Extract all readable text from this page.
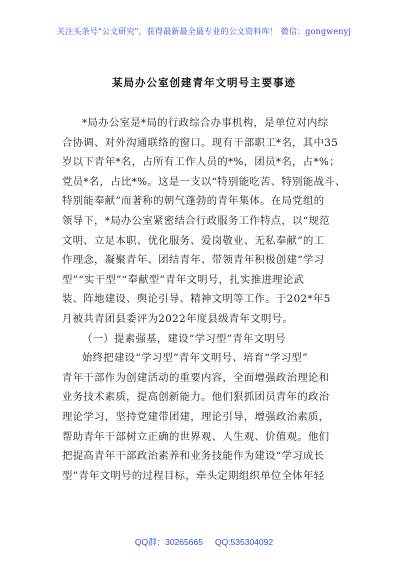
关注头条号"公文研究"，获得最新最全最专业的公文资料库！ 微信：gongwenyj
某局办公室创建青年文明号主要事迹

*局办公室是*局的行政综合办事机构，是单位对内综
合协调、对外沟通联络的窗口。现有干部职工*名，其中35
岁以下青年*名，占所有工作人员的*%，团员*名，占*%；
党员*名，占比*%。这是一支以“特别能吃苦、特别能战斗、
特别能奉献”而著称的朝气蓬勃的青年集体。在局党组的
领导下，*局办公室紧密结合行政服务工作特点，以“规范
文明、立足本职、优化服务、爱岗敬业、无私奉献”的工
作理念，凝聚青年、团结青年、带领青年积极创建“学习
型”“实干型”“奉献型”青年文明号，扎实推进理论武
装、阵地建设、舆论引导、精神文明等工作。于202*年5
月被共青团县委评为2022年度县级青年文明号。

（一）提素强基，建设“学习型”青年文明号

始终把建设“学习型”青年文明号、培育“学习型”
青年干部作为创建活动的重要内容，全面增强政治理论和
业务技术素质，提高创新能力。他们狠抓团员青年的政治
理论学习，坚持党建带团建，理论引导，增强政治素质，
帮助青年干部树立正确的世界观、人生观、价值观。他们
把提高青年干部政治素养和业务技能作为建设“学习成长
型”青年文明号的过程目标，牵头定期组织单位全体年轻

QQ群：30265665 QQ:535304092
